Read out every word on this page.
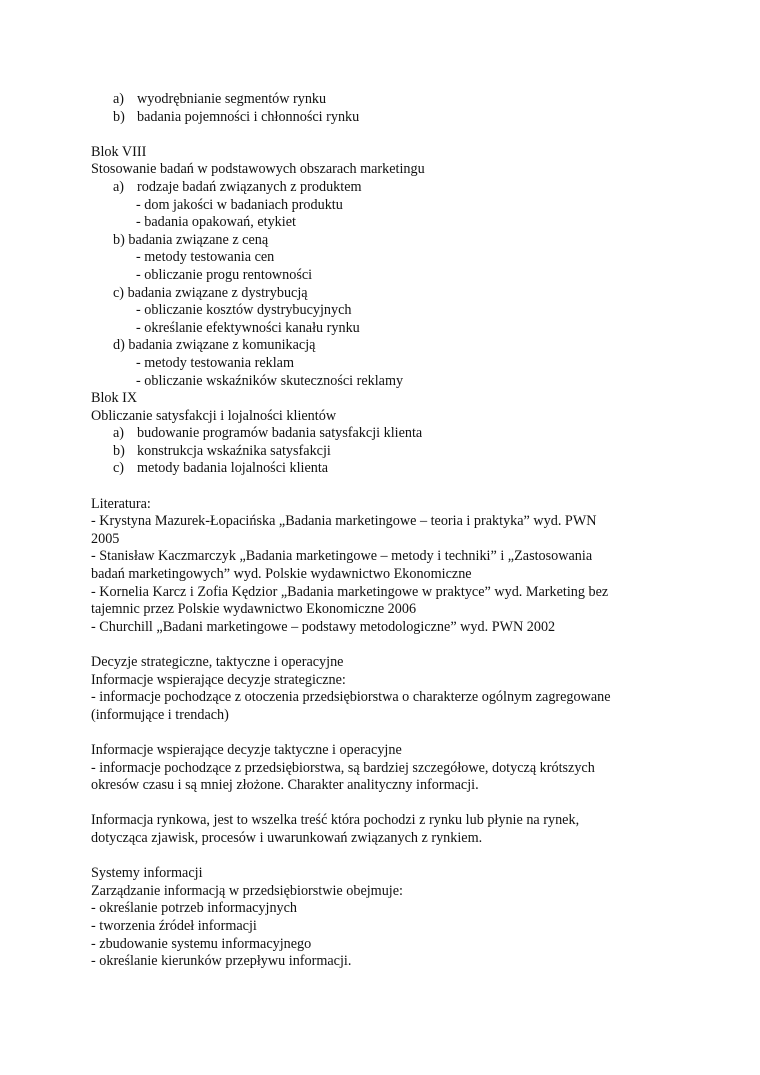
a) wyodrębnianie segmentów rynku
b) badania pojemności i chłonności rynku
Blok VIII
Stosowanie badań w podstawowych obszarach marketingu
a) rodzaje badań związanych z produktem
- dom jakości w badaniach produktu
- badania opakowań, etykiet
b) badania związane z ceną
- metody testowania cen
- obliczanie progu rentowności
c) badania związane z dystrybucją
- obliczanie kosztów dystrybucyjnych
- określanie efektywności kanału rynku
d) badania związane z komunikacją
- metody testowania reklam
- obliczanie wskaźników skuteczności reklamy
Blok IX
Obliczanie satysfakcji i lojalności klientów
a) budowanie programów badania satysfakcji klienta
b) konstrukcja wskaźnika satysfakcji
c) metody badania lojalności klienta
Literatura:
- Krystyna Mazurek-Łopacińska „Badania marketingowe – teoria i praktyka” wyd. PWN
2005
- Stanisław Kaczmarczyk „Badania marketingowe – metody i techniki” i „Zastosowania
badań marketingowych” wyd. Polskie wydawnictwo Ekonomiczne
- Kornelia Karcz i Zofia Kędzior „Badania marketingowe w praktyce” wyd. Marketing bez
tajemnic przez Polskie wydawnictwo Ekonomiczne 2006
- Churchill „Badani marketingowe – podstawy metodologiczne” wyd. PWN 2002
Decyzje strategiczne, taktyczne i operacyjne
Informacje wspierające decyzje strategiczne:
- informacje pochodzące z otoczenia przedsiębiorstwa o charakterze ogólnym zagregowane
(informujące i trendach)
Informacje wspierające decyzje taktyczne i operacyjne
- informacje pochodzące z przedsiębiorstwa, są bardziej szczegółowe, dotyczą krótszych
okresów czasu i są mniej złożone. Charakter analityczny informacji.
Informacja rynkowa, jest to wszelka treść która pochodzi z rynku lub płynie na rynek,
dotycząca zjawisk, procesów i uwarunkowań związanych z rynkiem.
Systemy informacji
Zarządzanie informacją w przedsiębiorstwie obejmuje:
- określanie potrzeb informacyjnych
- tworzenia źródeł informacji
- zbudowanie systemu informacyjnego
- określanie kierunków przepływu informacji.
